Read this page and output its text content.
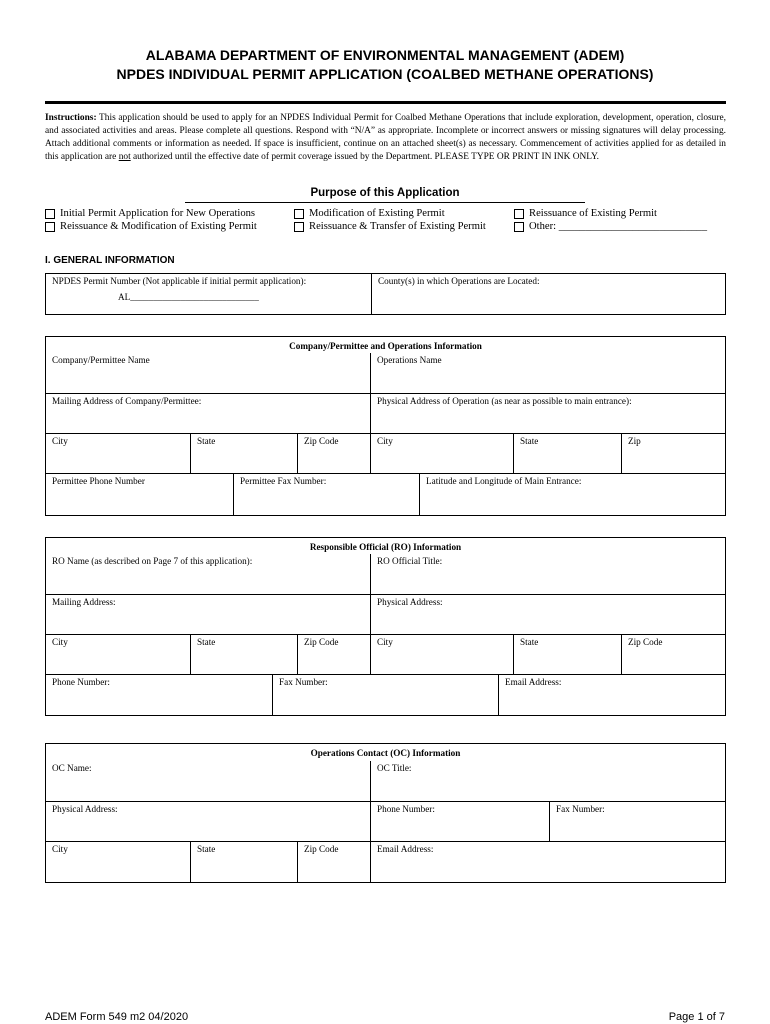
ALABAMA DEPARTMENT OF ENVIRONMENTAL MANAGEMENT (ADEM)
NPDES INDIVIDUAL PERMIT APPLICATION (COALBED METHANE OPERATIONS)
Instructions: This application should be used to apply for an NPDES Individual Permit for Coalbed Methane Operations that include exploration, development, operation, closure, and associated activities and areas. Please complete all questions. Respond with “N/A” as appropriate. Incomplete or incorrect answers or missing signatures will delay processing. Attach additional comments or information as needed. If space is insufficient, continue on an attached sheet(s) as necessary. Commencement of activities applied for as detailed in this application are not authorized until the effective date of permit coverage issued by the Department. PLEASE TYPE OR PRINT IN INK ONLY.
Purpose of this Application
Initial Permit Application for New Operations
Reissuance & Modification of Existing Permit
Modification of Existing Permit
Reissuance & Transfer of Existing Permit
Reissuance of Existing Permit
Other: ____________________________
I. GENERAL INFORMATION
NPDES Permit Number (Not applicable if initial permit application):
AL____________________________
County(s) in which Operations are Located:
Company/Permittee and Operations Information
Company/Permittee Name	Operations Name
Mailing Address of Company/Permittee:	Physical Address of Operation (as near as possible to main entrance):
City	State	Zip Code	City	State	Zip
Permittee Phone Number	Permittee Fax Number:	Latitude and Longitude of Main Entrance:
Responsible Official (RO) Information
RO Name (as described on Page 7 of this application):	RO Official Title:
Mailing Address:	Physical Address:
City	State	Zip Code	City	State	Zip Code
Phone Number:	Fax Number:	Email Address:
Operations Contact (OC) Information
OC Name:	OC Title:
Physical Address:	Phone Number:	Fax Number:
City	State	Zip Code	Email Address:
ADEM Form 549 m2 04/2020	Page 1 of 7
